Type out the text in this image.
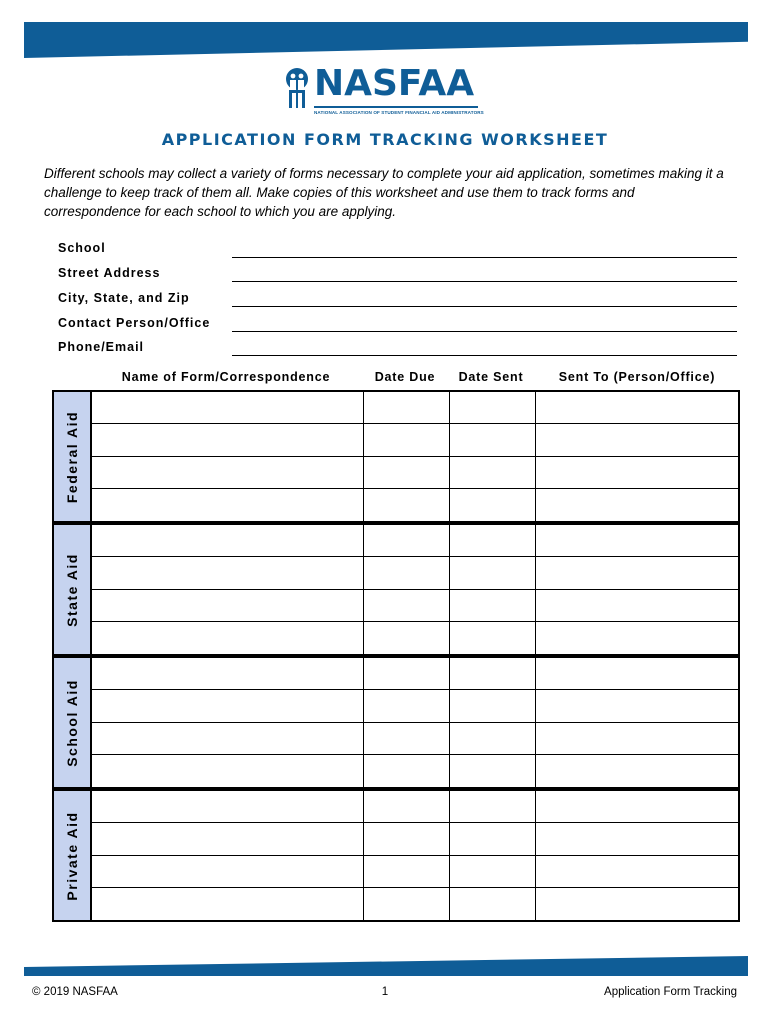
NASFAA
NATIONAL ASSOCIATION OF STUDENT FINANCIAL AID ADMINISTRATORS
APPLICATION FORM TRACKING WORKSHEET
Different schools may collect a variety of forms necessary to complete your aid application, sometimes making it a challenge to keep track of them all. Make copies of this worksheet and use them to track forms and correspondence for each school to which you are applying.
School
Street Address
City, State, and Zip
Contact Person/Office
Phone/Email
Name of Form/Correspondence	Date Due	Date Sent	Sent To (Person/Office)
Federal Aid
State Aid
School Aid
Private Aid
© 2019 NASFAA	1	Application Form Tracking
